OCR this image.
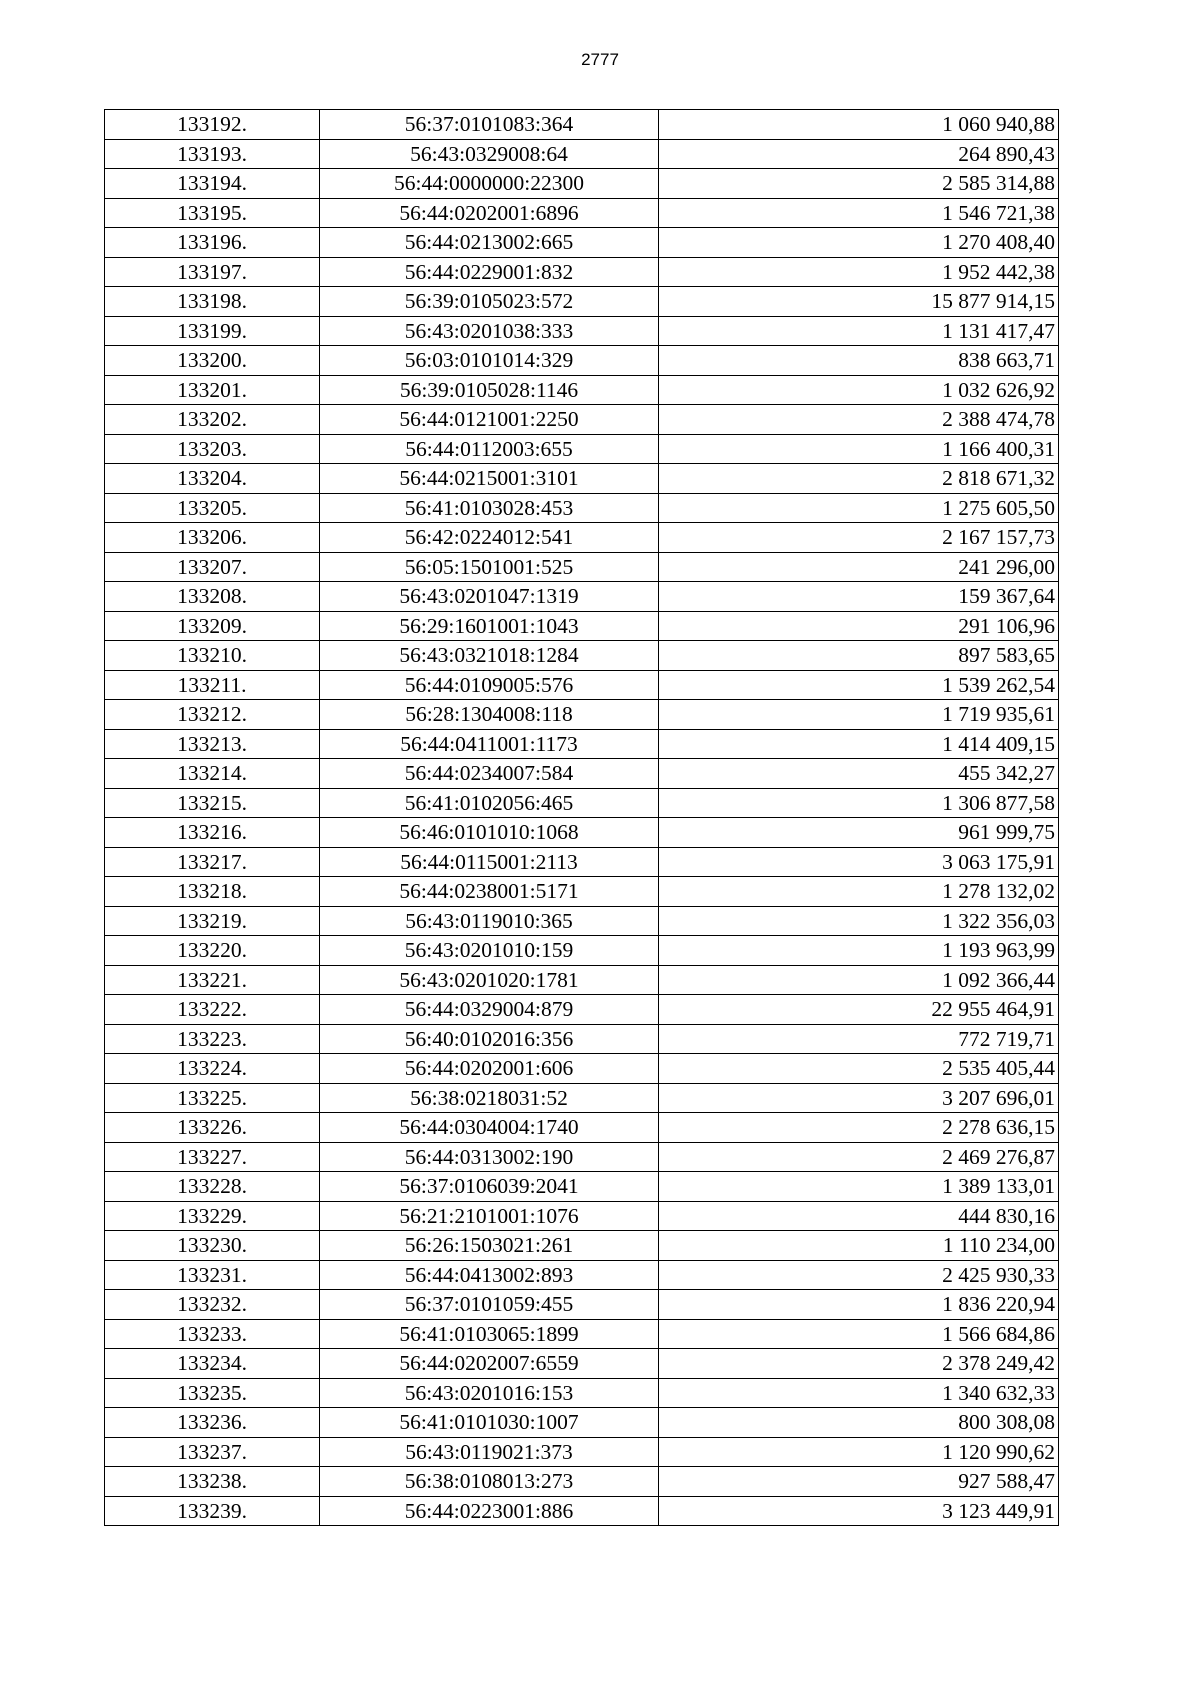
2777
133192.	56:37:0101083:364	1 060 940,88
133193.	56:43:0329008:64	264 890,43
133194.	56:44:0000000:22300	2 585 314,88
133195.	56:44:0202001:6896	1 546 721,38
133196.	56:44:0213002:665	1 270 408,40
133197.	56:44:0229001:832	1 952 442,38
133198.	56:39:0105023:572	15 877 914,15
133199.	56:43:0201038:333	1 131 417,47
133200.	56:03:0101014:329	838 663,71
133201.	56:39:0105028:1146	1 032 626,92
133202.	56:44:0121001:2250	2 388 474,78
133203.	56:44:0112003:655	1 166 400,31
133204.	56:44:0215001:3101	2 818 671,32
133205.	56:41:0103028:453	1 275 605,50
133206.	56:42:0224012:541	2 167 157,73
133207.	56:05:1501001:525	241 296,00
133208.	56:43:0201047:1319	159 367,64
133209.	56:29:1601001:1043	291 106,96
133210.	56:43:0321018:1284	897 583,65
133211.	56:44:0109005:576	1 539 262,54
133212.	56:28:1304008:118	1 719 935,61
133213.	56:44:0411001:1173	1 414 409,15
133214.	56:44:0234007:584	455 342,27
133215.	56:41:0102056:465	1 306 877,58
133216.	56:46:0101010:1068	961 999,75
133217.	56:44:0115001:2113	3 063 175,91
133218.	56:44:0238001:5171	1 278 132,02
133219.	56:43:0119010:365	1 322 356,03
133220.	56:43:0201010:159	1 193 963,99
133221.	56:43:0201020:1781	1 092 366,44
133222.	56:44:0329004:879	22 955 464,91
133223.	56:40:0102016:356	772 719,71
133224.	56:44:0202001:606	2 535 405,44
133225.	56:38:0218031:52	3 207 696,01
133226.	56:44:0304004:1740	2 278 636,15
133227.	56:44:0313002:190	2 469 276,87
133228.	56:37:0106039:2041	1 389 133,01
133229.	56:21:2101001:1076	444 830,16
133230.	56:26:1503021:261	1 110 234,00
133231.	56:44:0413002:893	2 425 930,33
133232.	56:37:0101059:455	1 836 220,94
133233.	56:41:0103065:1899	1 566 684,86
133234.	56:44:0202007:6559	2 378 249,42
133235.	56:43:0201016:153	1 340 632,33
133236.	56:41:0101030:1007	800 308,08
133237.	56:43:0119021:373	1 120 990,62
133238.	56:38:0108013:273	927 588,47
133239.	56:44:0223001:886	3 123 449,91
